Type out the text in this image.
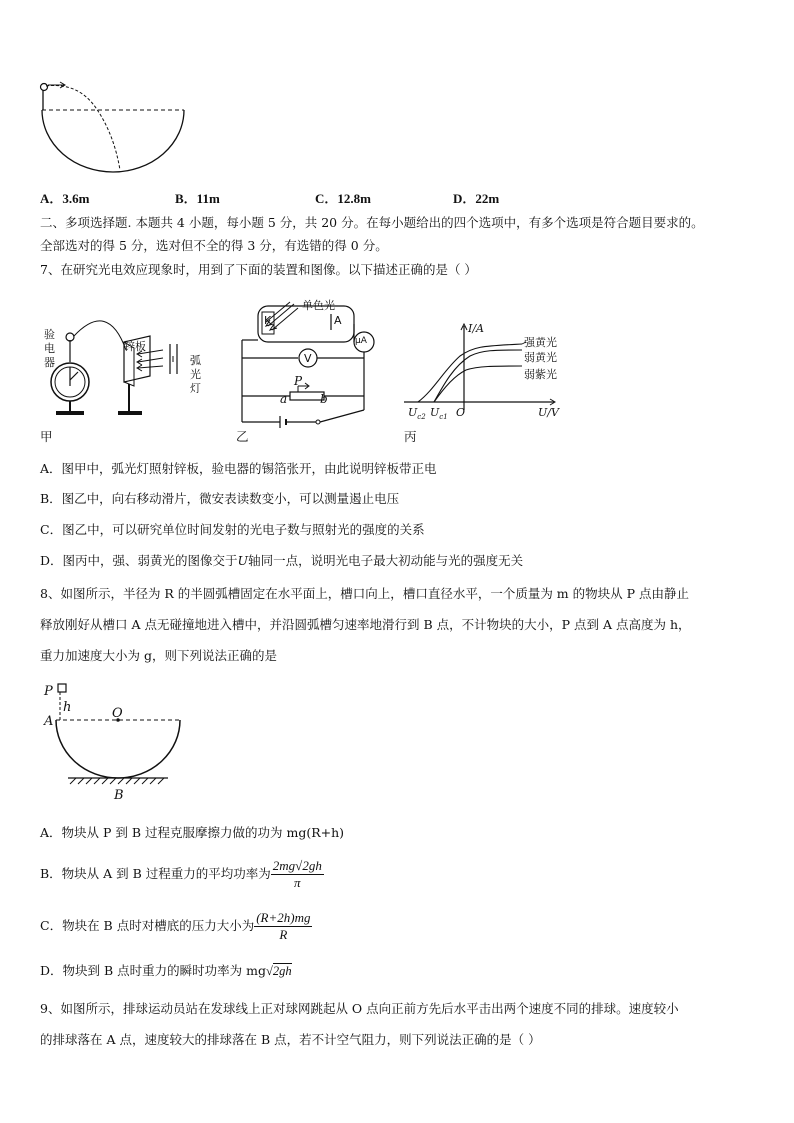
A．3.6m	B．11m	C．12.8m	D．22m
二、多项选择题. 本题共 4 小题，每小题 5 分，共 20 分。在每小题给出的四个选项中，有多个选项是符合题目要求的。
全部选对的得 5 分，选对但不全的得 3 分，有选错的得 0 分。
7、在研究光电效应现象时，用到了下面的装置和图像。以下描述正确的是（ ）
验
电
器
锌板
弧
光
灯
甲
单色光
K	A
μA
V
P
a	b
乙
I/A
U/V
强黄光
弱黄光
弱紫光
$U_{c2}$ $U_{c1}$ O
丙
A．图甲中，弧光灯照射锌板，验电器的锡箔张开，由此说明锌板带正电
B．图乙中，向右移动滑片，微安表读数变小，可以测量遏止电压
C．图乙中，可以研究单位时间发射的光电子数与照射光的强度的关系
D．图丙中，强、弱黄光的图像交于U轴同一点，说明光电子最大初动能与光的强度无关
8、如图所示，半径为 R 的半圆弧槽固定在水平面上，槽口向上，槽口直径水平，一个质量为 m 的物块从 P 点由静止
释放刚好从槽口 A 点无碰撞地进入槽中，并沿圆弧槽匀速率地滑行到 B 点，不计物块的大小，P 点到 A 点高度为 h，
重力加速度大小为 g，则下列说法正确的是
P
h
A
O
B
A．物块从 P 到 B 过程克服摩擦力做的功为 mg(R+h)
B．物块从 A 到 B 过程重力的平均功率为 $\frac{2mg√2gh}{\pi}$
C．物块在 B 点时对槽底的压力大小为 $\frac{(R+2h)mg}{R}$
D．物块到 B 点时重力的瞬时功率为 mg√2gh
9、如图所示，排球运动员站在发球线上正对球网跳起从 O 点向正前方先后水平击出两个速度不同的排球。速度较小
的排球落在 A 点，速度较大的排球落在 B 点，若不计空气阻力，则下列说法正确的是（ ）
